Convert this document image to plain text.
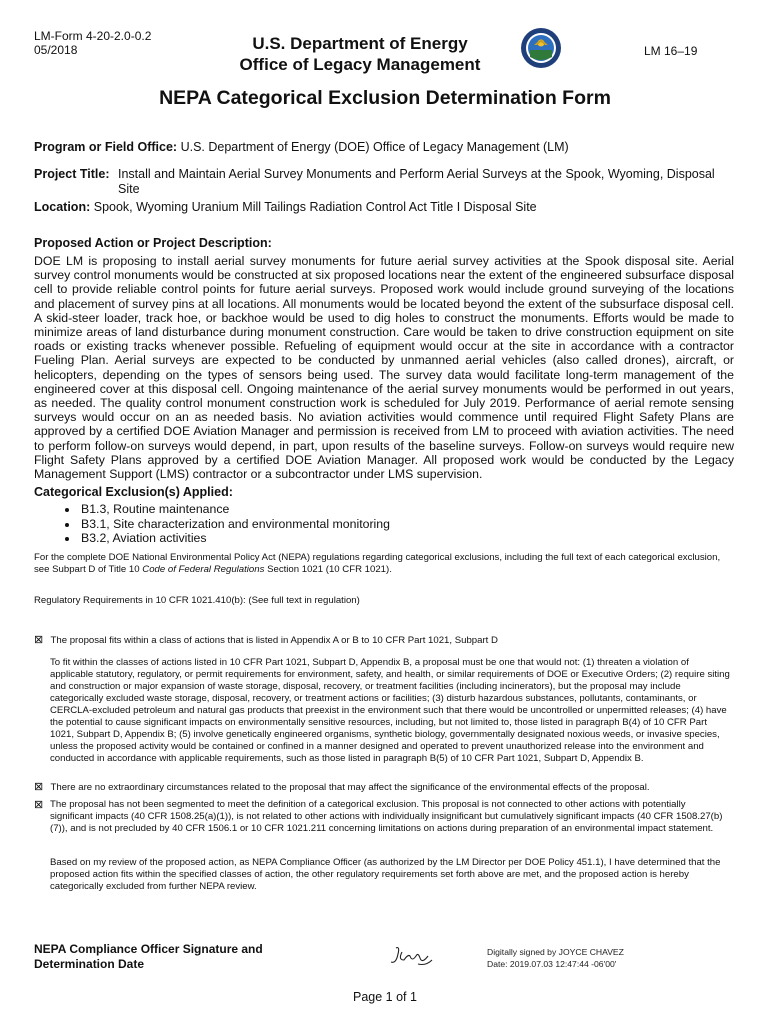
LM-Form 4-20-2.0-0.2
05/2018	U.S. Department of Energy
Office of Legacy Management
LM 16–19
NEPA Categorical Exclusion Determination Form
Program or Field Office: U.S. Department of Energy (DOE) Office of Legacy Management (LM)
Project Title: Install and Maintain Aerial Survey Monuments and Perform Aerial Surveys at the Spook, Wyoming, Disposal
Site
Location: Spook, Wyoming Uranium Mill Tailings Radiation Control Act Title I Disposal Site
Proposed Action or Project Description:
DOE LM is proposing to install aerial survey monuments for future aerial survey activities at the Spook disposal site. Aerial survey control monuments would be constructed at six proposed locations near the extent of the engineered subsurface disposal cell to provide reliable control points for future aerial surveys. Proposed work would include ground surveying of the locations and placement of survey pins at all locations. All monuments would be located beyond the extent of the subsurface disposal cell. A skid-steer loader, track hoe, or backhoe would be used to dig holes to construct the monuments. Efforts would be made to minimize areas of land disturbance during monument construction. Care would be taken to drive construction equipment on site roads or existing tracks whenever possible. Refueling of equipment would occur at the site in accordance with a contractor Fueling Plan. Aerial surveys are expected to be conducted by unmanned aerial vehicles (also called drones), aircraft, or helicopters, depending on the types of sensors being used. The survey data would facilitate long-term management of the engineered cover at this disposal cell. Ongoing maintenance of the aerial survey monuments would be performed in out years, as needed. The quality control monument construction work is scheduled for July 2019. Performance of aerial remote sensing surveys would occur on an as needed basis. No aviation activities would commence until required Flight Safety Plans are approved by a certified DOE Aviation Manager and permission is received from LM to proceed with aviation activities. The need to perform follow-on surveys would depend, in part, upon results of the baseline surveys. Follow-on surveys would require new Flight Safety Plans approved by a certified DOE Aviation Manager. All proposed work would be conducted by the Legacy Management Support (LMS) contractor or a subcontractor under LMS supervision.
Categorical Exclusion(s) Applied:
• B1.3, Routine maintenance
• B3.1, Site characterization and environmental monitoring
• B3.2, Aviation activities
For the complete DOE National Environmental Policy Act (NEPA) regulations regarding categorical exclusions, including the full text of each categorical exclusion, see Subpart D of Title 10 Code of Federal Regulations Section 1021 (10 CFR 1021).
Regulatory Requirements in 10 CFR 1021.410(b): (See full text in regulation)
⊠ The proposal fits within a class of actions that is listed in Appendix A or B to 10 CFR Part 1021, Subpart D
To fit within the classes of actions listed in 10 CFR Part 1021, Subpart D, Appendix B, a proposal must be one that would not: (1) threaten a violation of applicable statutory, regulatory, or permit requirements for environment, safety, and health, or similar requirements of DOE or Executive Orders; (2) require siting and construction or major expansion of waste storage, disposal, recovery, or treatment facilities (including incinerators), but the proposal may include categorically excluded waste storage, disposal, recovery, or treatment actions or facilities; (3) disturb hazardous substances, pollutants, contaminants, or CERCLA-excluded petroleum and natural gas products that preexist in the environment such that there would be uncontrolled or unpermitted releases; (4) have the potential to cause significant impacts on environmentally sensitive resources, including, but not limited to, those listed in paragraph B(4) of 10 CFR Part 1021, Subpart D, Appendix B; (5) involve genetically engineered organisms, synthetic biology, governmentally designated noxious weeds, or invasive species, unless the proposed activity would be contained or confined in a manner designed and operated to prevent unauthorized release into the environment and conducted in accordance with applicable requirements, such as those listed in paragraph B(5) of 10 CFR Part 1021, Subpart D, Appendix B.
⊠ There are no extraordinary circumstances related to the proposal that may affect the significance of the environmental effects of the proposal.
⊠ The proposal has not been segmented to meet the definition of a categorical exclusion. This proposal is not connected to other actions with potentially significant impacts (40 CFR 1508.25(a)(1)), is not related to other actions with individually insignificant but cumulatively significant impacts (40 CFR 1508.27(b)(7)), and is not precluded by 40 CFR 1506.1 or 10 CFR 1021.211 concerning limitations on actions during preparation of an environmental impact statement.
Based on my review of the proposed action, as NEPA Compliance Officer (as authorized by the LM Director per DOE Policy 451.1), I have determined that the proposed action fits within the specified classes of action, the other regulatory requirements set forth above are met, and the proposed action is hereby categorically excluded from further NEPA review.
NEPA Compliance Officer Signature and
Determination Date
Digitally signed by JOYCE CHAVEZ
Date: 2019.07.03 12:47:44 -06'00'
Page 1 of 1
